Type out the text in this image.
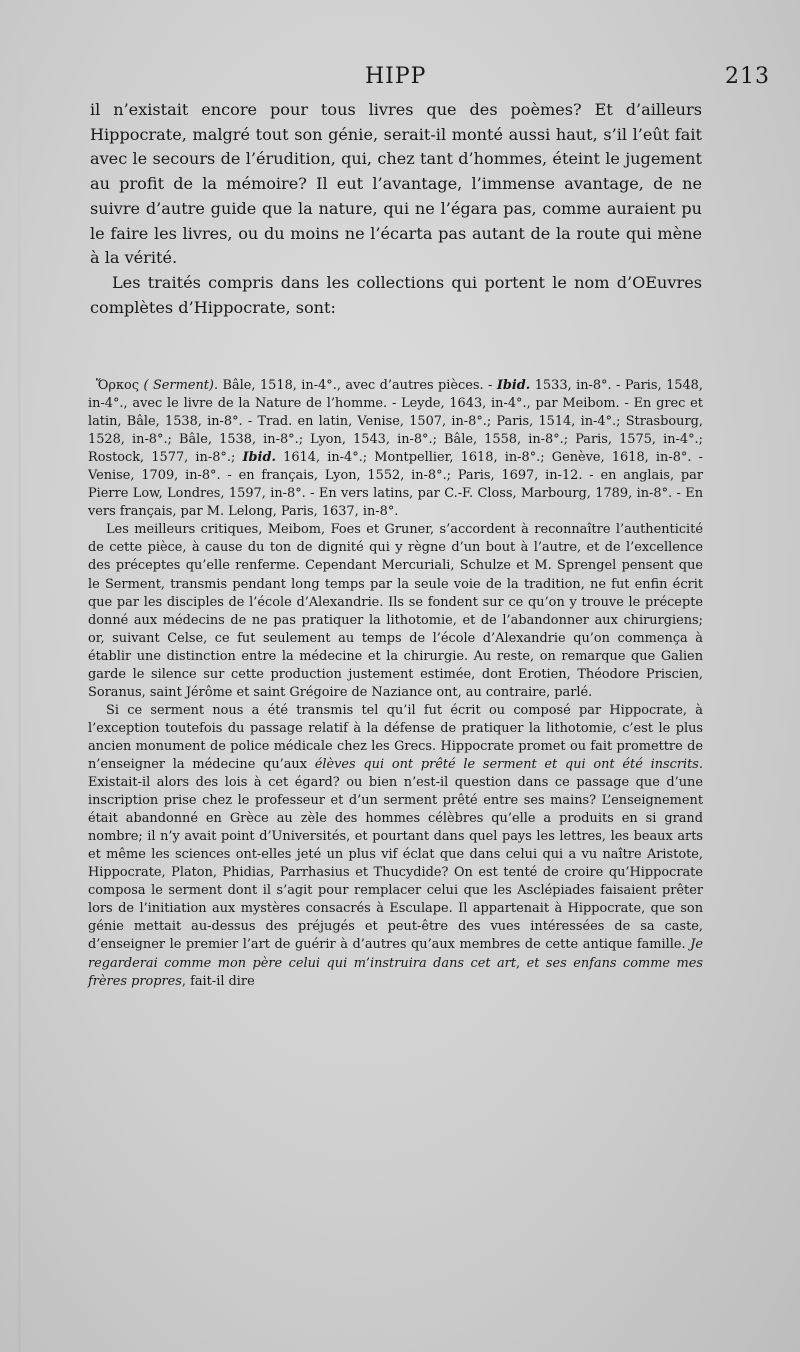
HIPP	213

il n’existait encore pour tous livres que des poèmes? Et d’ailleurs Hippocrate, malgré tout son génie, serait-il monté aussi haut, s’il l’eût fait avec le secours de l’érudition, qui, chez tant d’hommes, éteint le jugement au profit de la mémoire? Il eut l’avantage, l’immense avantage, de ne suivre d’autre guide que la nature, qui ne l’égara pas, comme auraient pu le faire les livres, ou du moins ne l’écarta pas autant de la route qui mène à la vérité.

Les traités compris dans les collections qui portent le nom d’OEuvres complètes d’Hippocrate, sont:

Ὅρκος ( Serment). Bâle, 1518, in-4°., avec d’autres pièces. - Ibid. 1533, in-8°. - Paris, 1548, in-4°., avec le livre de la Nature de l’homme. - Leyde, 1643, in-4°., par Meibom. - En grec et latin, Bâle, 1538, in-8°. - Trad. en latin, Venise, 1507, in-8°.; Paris, 1514, in-4°.; Strasbourg, 1528, in-8°.; Bâle, 1538, in-8°.; Lyon, 1543, in-8°.; Bâle, 1558, in-8°.; Paris, 1575, in-4°.; Rostock, 1577, in-8°.; Ibid. 1614, in-4°.; Montpellier, 1618, in-8°.; Genève, 1618, in-8°. - Venise, 1709, in-8°. - en français, Lyon, 1552, in-8°.; Paris, 1697, in-12. - en anglais, par Pierre Low, Londres, 1597, in-8°. - En vers latins, par C.-F. Closs, Marbourg, 1789, in-8°. - En vers français, par M. Lelong, Paris, 1637, in-8°.

Les meilleurs critiques, Meibom, Foes et Gruner, s’accordent à reconnaître l’authenticité de cette pièce, à cause du ton de dignité qui y règne d’un bout à l’autre, et de l’excellence des préceptes qu’elle renferme. Cependant Mercuriali, Schulze et M. Sprengel pensent que le Serment, transmis pendant long temps par la seule voie de la tradition, ne fut enfin écrit que par les disciples de l’école d’Alexandrie. Ils se fondent sur ce qu’on y trouve le précepte donné aux médecins de ne pas pratiquer la lithotomie, et de l’abandonner aux chirurgiens; or, suivant Celse, ce fut seulement au temps de l’école d’Alexandrie qu’on commença à établir une distinction entre la médecine et la chirurgie. Au reste, on remarque que Galien garde le silence sur cette production justement estimée, dont Erotien, Théodore Priscien, Soranus, saint Jérôme et saint Grégoire de Naziance ont, au contraire, parlé.

Si ce serment nous a été transmis tel qu’il fut écrit ou composé par Hippocrate, à l’exception toutefois du passage relatif à la défense de pratiquer la lithotomie, c’est le plus ancien monument de police médicale chez les Grecs. Hippocrate promet ou fait promettre de n’enseigner la médecine qu’aux élèves qui ont prêté le serment et qui ont été inscrits. Existait-il alors des lois à cet égard? ou bien n’est-il question dans ce passage que d’une inscription prise chez le professeur et d’un serment prêté entre ses mains? L’enseignement était abandonné en Grèce au zèle des hommes célèbres qu’elle a produits en si grand nombre; il n’y avait point d’Universités, et pourtant dans quel pays les lettres, les beaux arts et même les sciences ont-elles jeté un plus vif éclat que dans celui qui a vu naître Aristote, Hippocrate, Platon, Phidias, Parrhasius et Thucydide? On est tenté de croire qu’Hippocrate composa le serment dont il s’agit pour remplacer celui que les Asclépiades faisaient prêter lors de l’initiation aux mystères consacrés à Esculape. Il appartenait à Hippocrate, que son génie mettait au-dessus des préjugés et peut-être des vues intéressées de sa caste, d’enseigner le premier l’art de guérir à d’autres qu’aux membres de cette antique famille. Je regarderai comme mon père celui qui m’instruira dans cet art, et ses enfans comme mes frères propres, fait-il dire
